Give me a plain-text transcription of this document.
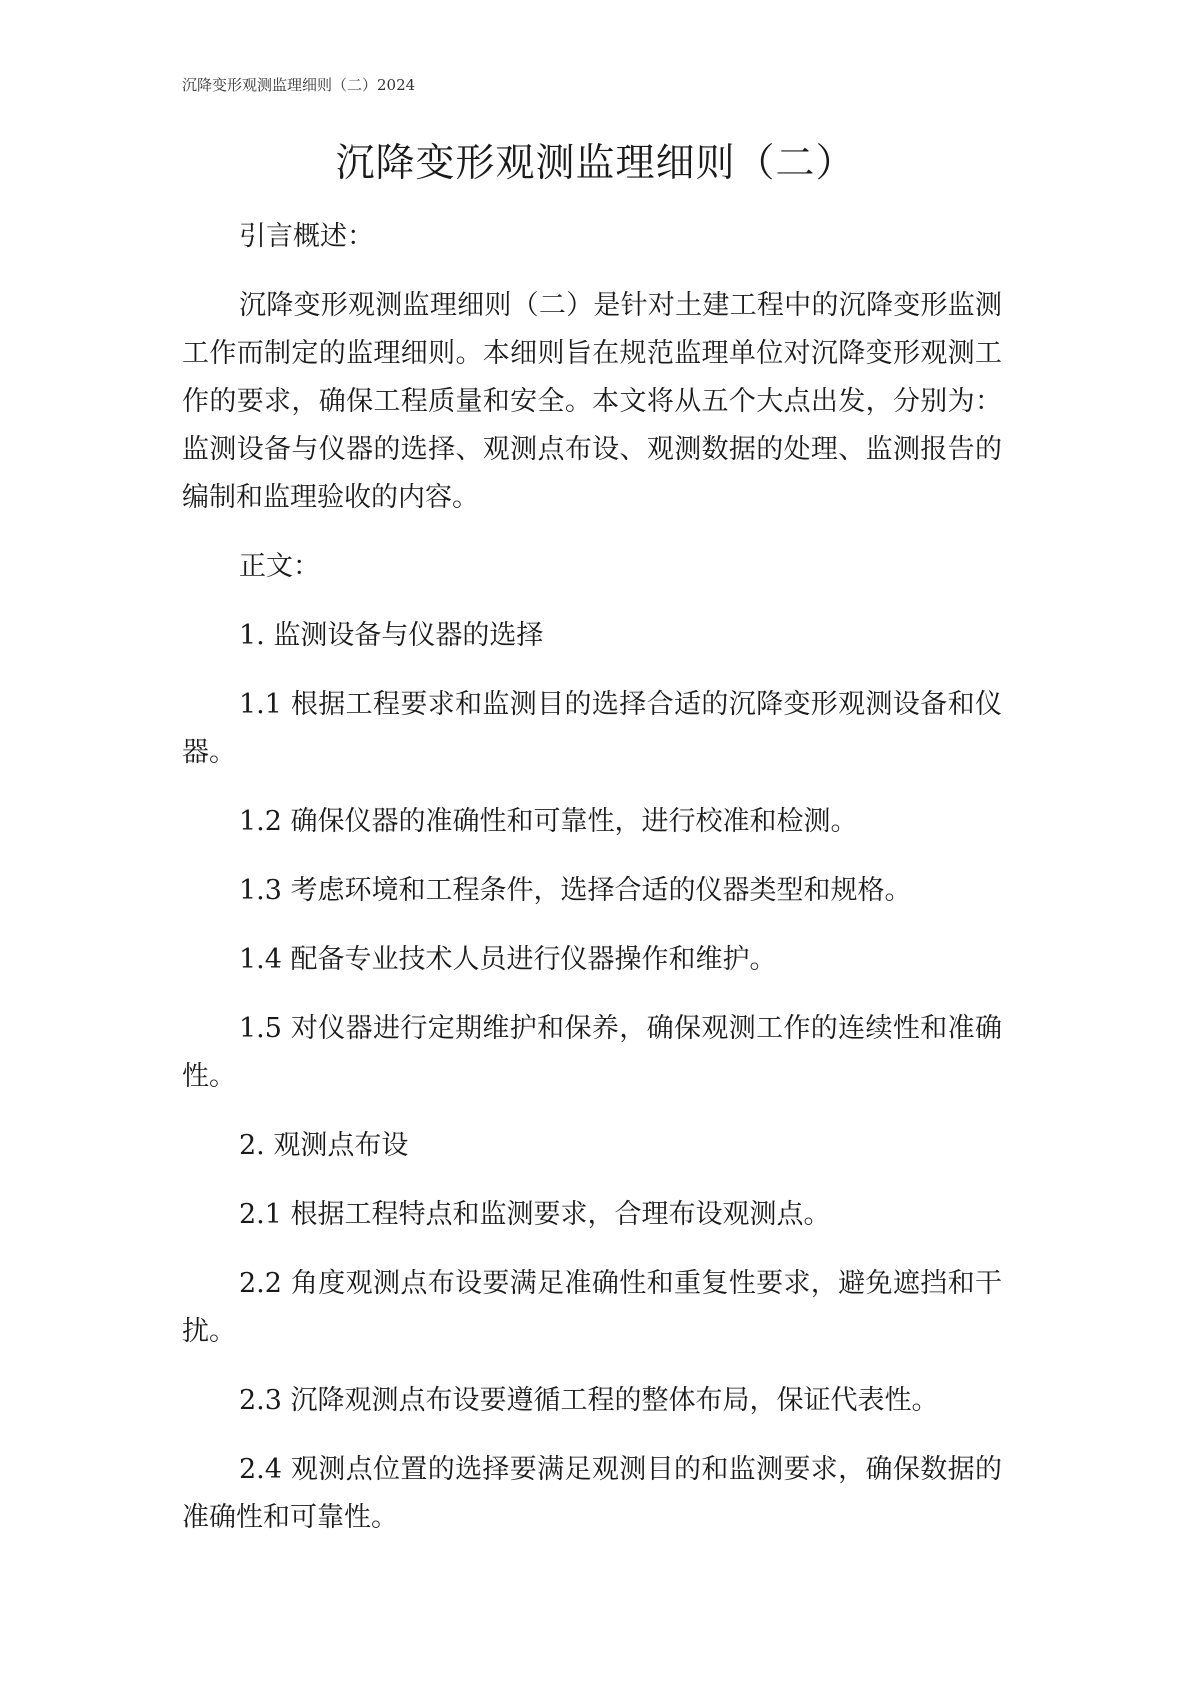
沉降变形观测监理细则（二）2024
沉降变形观测监理细则（二）

引言概述：

沉降变形观测监理细则（二）是针对土建工程中的沉降变形监测工作而制定的监理细则。本细则旨在规范监理单位对沉降变形观测工作的要求，确保工程质量和安全。本文将从五个大点出发，分别为：监测设备与仪器的选择、观测点布设、观测数据的处理、监测报告的编制和监理验收的内容。

正文：

1. 监测设备与仪器的选择

1.1 根据工程要求和监测目的选择合适的沉降变形观测设备和仪器。

1.2 确保仪器的准确性和可靠性，进行校准和检测。

1.3 考虑环境和工程条件，选择合适的仪器类型和规格。

1.4 配备专业技术人员进行仪器操作和维护。

1.5 对仪器进行定期维护和保养，确保观测工作的连续性和准确性。

2. 观测点布设

2.1 根据工程特点和监测要求，合理布设观测点。

2.2 角度观测点布设要满足准确性和重复性要求，避免遮挡和干扰。

2.3 沉降观测点布设要遵循工程的整体布局，保证代表性。

2.4 观测点位置的选择要满足观测目的和监测要求，确保数据的准确性和可靠性。
